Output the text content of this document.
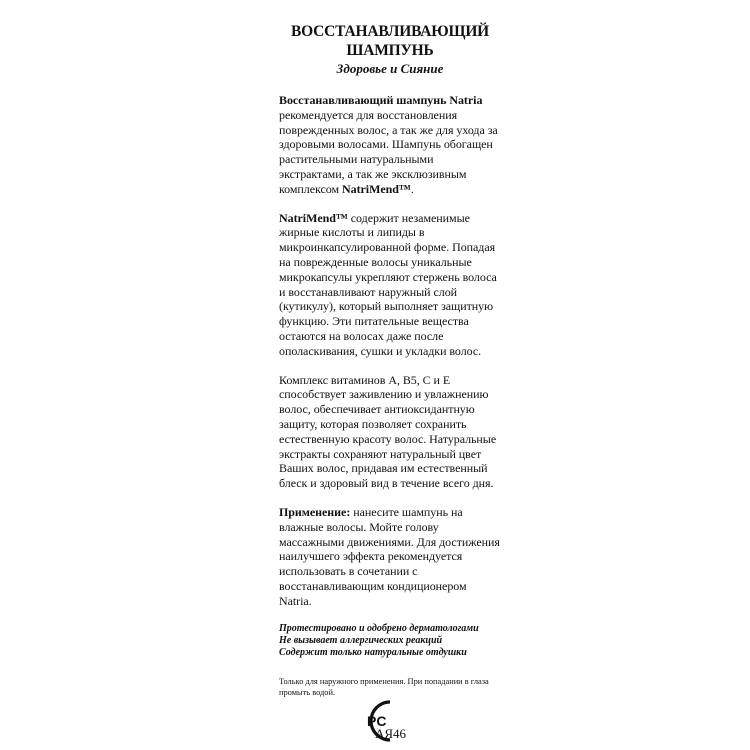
ВОССТАНАВЛИВАЮЩИЙ ШАМПУНЬ

Здоровье и Сияние

Восстанавливающий шампунь Natria рекомендуется для восстановления поврежденных волос, а так же для ухода за здоровыми волосами. Шампунь обогащен растительными натуральными экстрактами, а так же эксклюзивным комплексом NatriMend™.

NatriMend™ содержит незаменимые жирные кислоты и липиды в микроинкапсулированной форме. Попадая на поврежденные волосы уникальные микрокапсулы укрепляют стержень волоса и восстанавливают наружный слой (кутикулу), который выполняет защитную функцию. Эти питательные вещества остаются на волосах даже после ополаскивания, сушки и укладки волос.

Комплекс витаминов А, В5, С и Е способствует заживлению и увлажнению волос, обеспечивает антиоксидантную защиту, которая позволяет сохранить естественную красоту волос. Натуральные экстракты сохраняют натуральный цвет Ваших волос, придавая им естественный блеск и здоровый вид в течение всего дня.

Применение: нанесите шампунь на влажные волосы. Мойте голову массажными движениями. Для достижения наилучшего эффекта рекомендуется использовать в сочетании с восстанавливающим кондиционером Natria.

Протестировано и одобрено дерматологами
Не вызывает аллергических реакций
Содержит только натуральные отдушки

Только для наружного применения. При попадании в глаза промыть водой.

PC
АЯ46
